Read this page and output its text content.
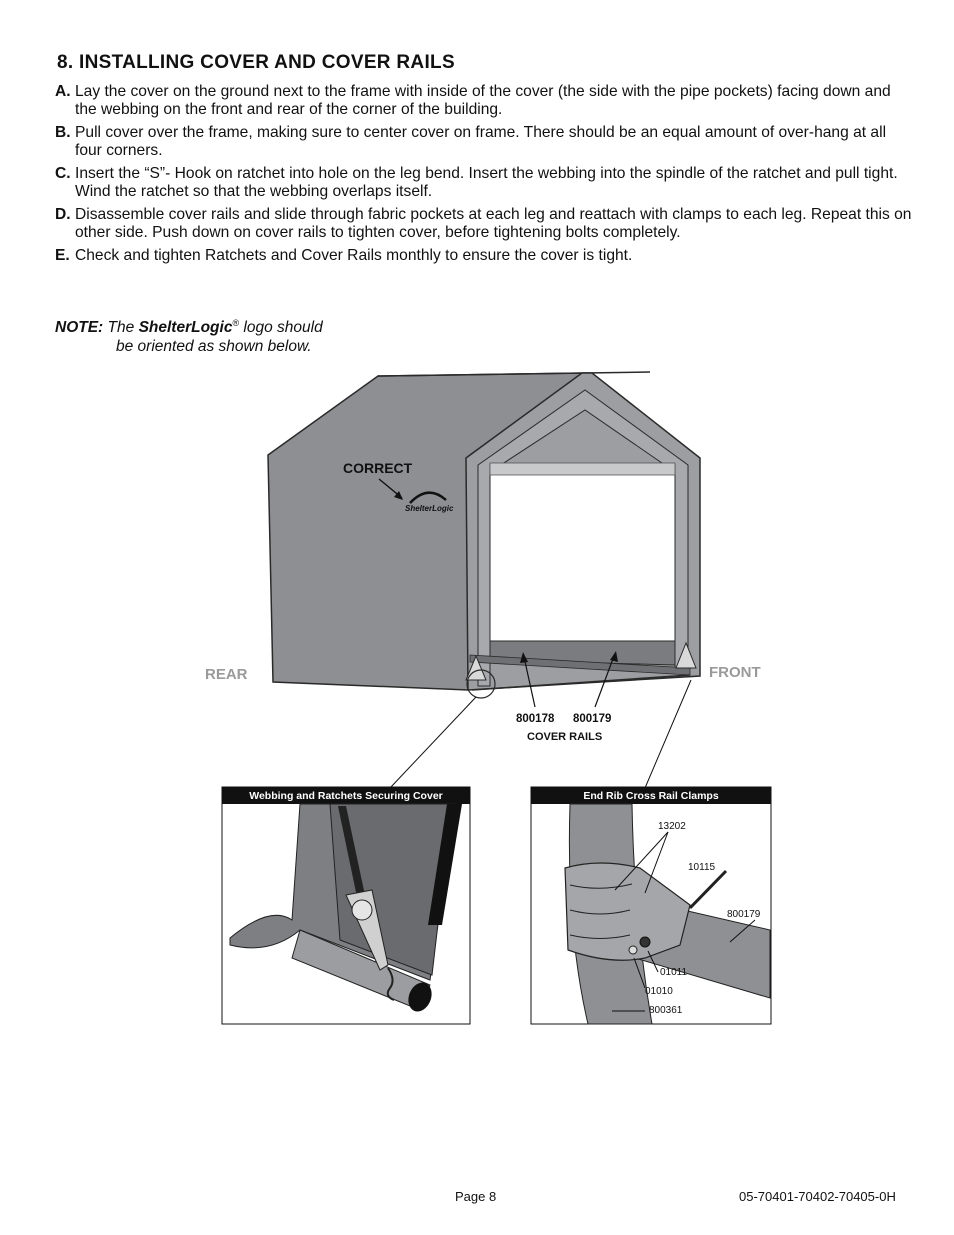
8. INSTALLING COVER AND COVER RAILS
A. Lay the cover on the ground next to the frame with inside of the cover (the side with the pipe pockets) facing down and the webbing on the front and rear of the corner of the building.
B. Pull cover over the frame, making sure to center cover on frame. There should be an equal amount of over-hang at all four corners.
C. Insert the “S”- Hook on ratchet into hole on the leg bend. Insert the webbing into the spindle of the ratchet and pull tight. Wind the ratchet so that the webbing overlaps itself.
D. Disassemble cover rails and slide through fabric pockets at each leg and reattach with clamps to each leg. Repeat this on other side. Push down on cover rails to tighten cover, before tightening bolts completely.
E. Check and tighten Ratchets and Cover Rails monthly to ensure the cover is tight.
NOTE: The ShelterLogic® logo should
be oriented as shown below.
ShelterLogic
CORRECT
REAR	FRONT
800178 800179
COVER RAILS
Webbing and Ratchets Securing Cover	End Rib Cross Rail Clamps
13202
10115
800179
01011
01010
800361
Page 8	05-70401-70402-70405-0H
